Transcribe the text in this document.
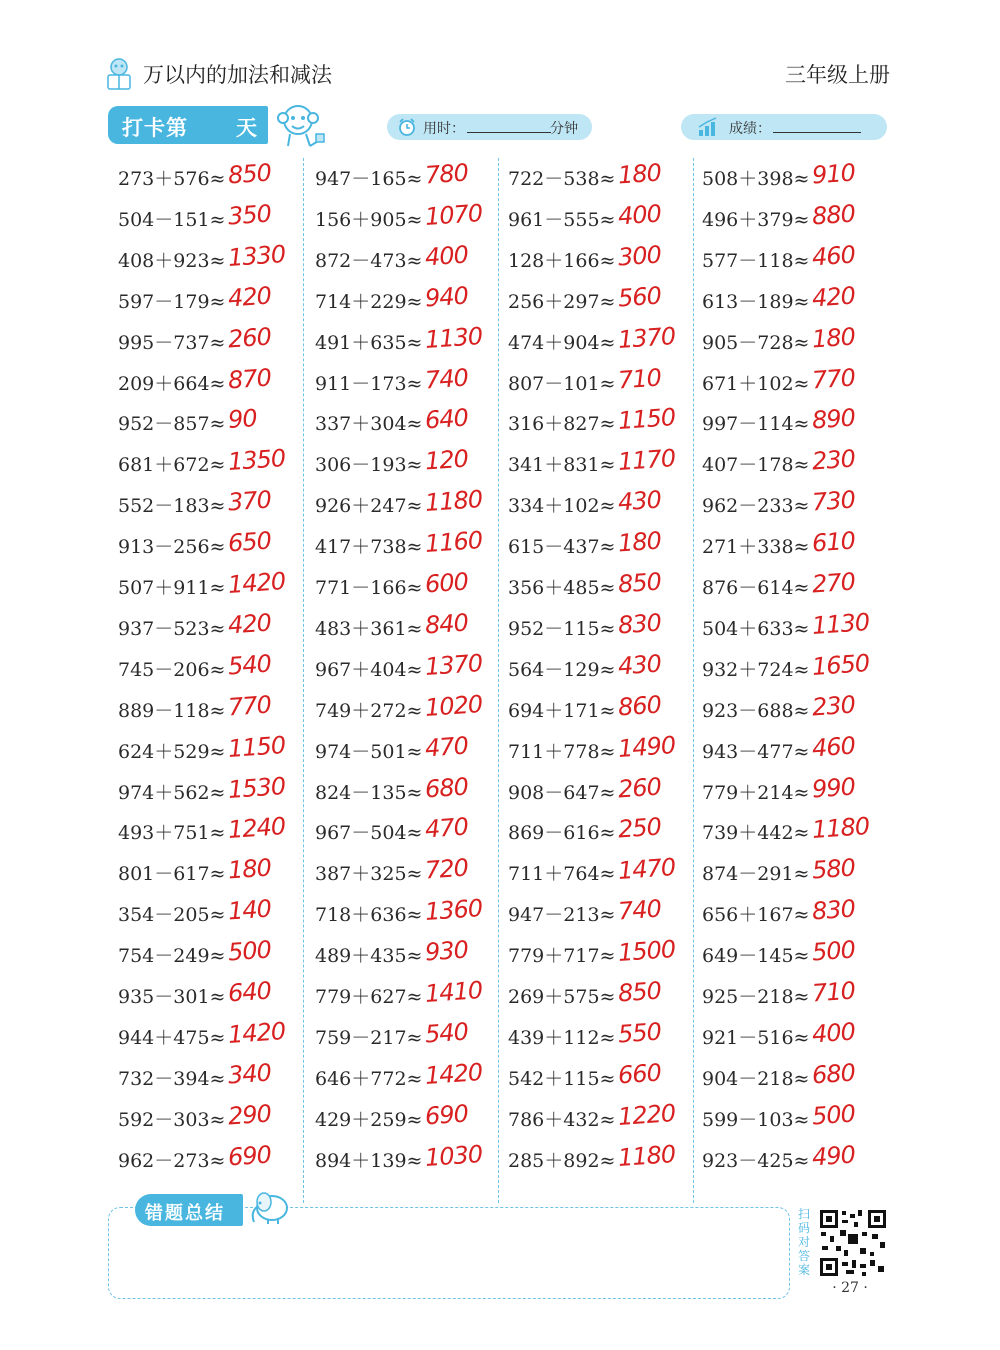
万以内的加法和减法	三年级上册
打卡第 天	用时：	分钟	成绩：
273＋576≈ 850
504－151≈ 350
408＋923≈ 1330
597－179≈ 420
995－737≈ 260
209＋664≈ 870
952－857≈ 90
681＋672≈ 1350
552－183≈ 370
913－256≈ 650
507＋911≈ 1420
937－523≈ 420
745－206≈ 540
889－118≈ 770
624＋529≈ 1150
974＋562≈ 1530
493＋751≈ 1240
801－617≈ 180
354－205≈ 140
754－249≈ 500
935－301≈ 640
944＋475≈ 1420
732－394≈ 340
592－303≈ 290
962－273≈ 690
947－165≈ 780
156＋905≈ 1070
872－473≈ 400
714＋229≈ 940
491＋635≈ 1130
911－173≈ 740
337＋304≈ 640
306－193≈ 120
926＋247≈ 1180
417＋738≈ 1160
771－166≈ 600
483＋361≈ 840
967＋404≈ 1370
749＋272≈ 1020
974－501≈ 470
824－135≈ 680
967－504≈ 470
387＋325≈ 720
718＋636≈ 1360
489＋435≈ 930
779＋627≈ 1410
759－217≈ 540
646＋772≈ 1420
429＋259≈ 690
894＋139≈ 1030
722－538≈ 180
961－555≈ 400
128＋166≈ 300
256＋297≈ 560
474＋904≈ 1370
807－101≈ 710
316＋827≈ 1150
341＋831≈ 1170
334＋102≈ 430
615－437≈ 180
356＋485≈ 850
952－115≈ 830
564－129≈ 430
694＋171≈ 860
711＋778≈ 1490
908－647≈ 260
869－616≈ 250
711＋764≈ 1470
947－213≈ 740
779＋717≈ 1500
269＋575≈ 850
439＋112≈ 550
542＋115≈ 660
786＋432≈ 1220
285＋892≈ 1180
508＋398≈ 910
496＋379≈ 880
577－118≈ 460
613－189≈ 420
905－728≈ 180
671＋102≈ 770
997－114≈ 890
407－178≈ 230
962－233≈ 730
271＋338≈ 610
876－614≈ 270
504＋633≈ 1130
932＋724≈ 1650
923－688≈ 230
943－477≈ 460
779＋214≈ 990
739＋442≈ 1180
874－291≈ 580
656＋167≈ 830
649－145≈ 500
925－218≈ 710
921－516≈ 400
904－218≈ 680
599－103≈ 500
923－425≈ 490
错题总结	扫码对答案
· 27 ·
